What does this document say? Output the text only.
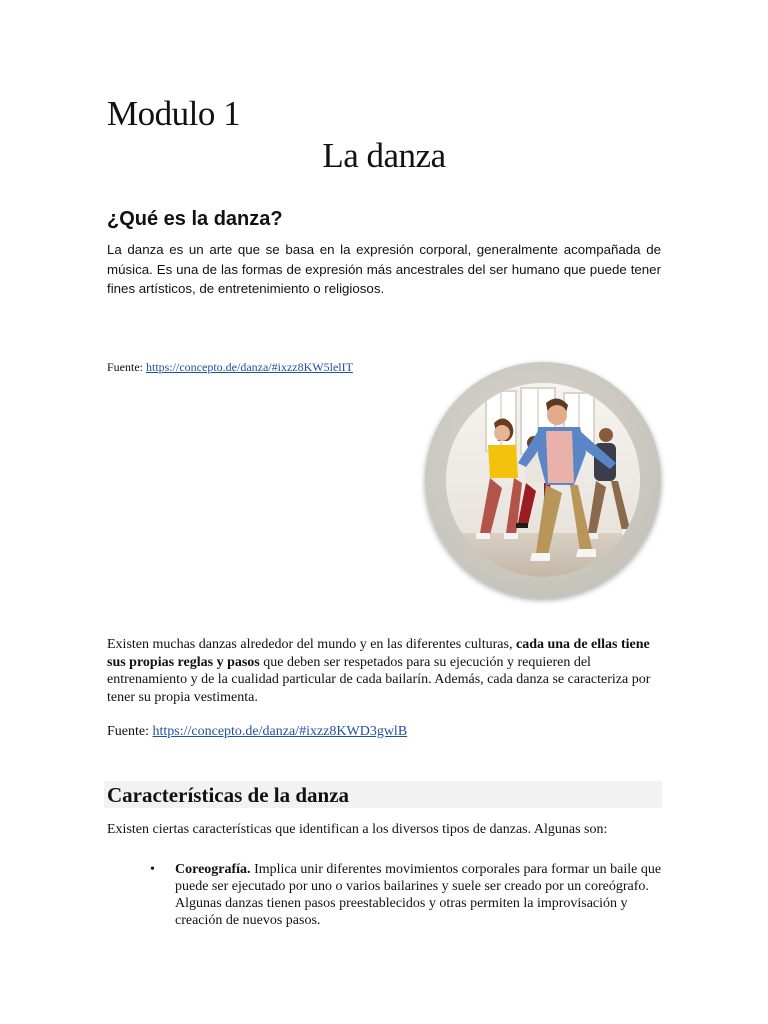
Modulo 1
La danza
¿Qué es la danza?

La danza es un arte que se basa en la expresión corporal, generalmente acompañada de música. Es una de las formas de expresión más ancestrales del ser humano que puede tener fines artísticos, de entretenimiento o religiosos.

Fuente: https://concepto.de/danza/#ixzz8KW5lelIT

Existen muchas danzas alrededor del mundo y en las diferentes culturas, cada una de ellas tiene sus propias reglas y pasos que deben ser respetados para su ejecución y requieren del entrenamiento y de la cualidad particular de cada bailarín. Además, cada danza se caracteriza por tener su propia vestimenta.

Fuente: https://concepto.de/danza/#ixzz8KWD3gwlB

Características de la danza

Existen ciertas características que identifican a los diversos tipos de danzas. Algunas son:

• Coreografía. Implica unir diferentes movimientos corporales para formar un baile que puede ser ejecutado por uno o varios bailarines y suele ser creado por un coreógrafo. Algunas danzas tienen pasos preestablecidos y otras permiten la improvisación y creación de nuevos pasos.
